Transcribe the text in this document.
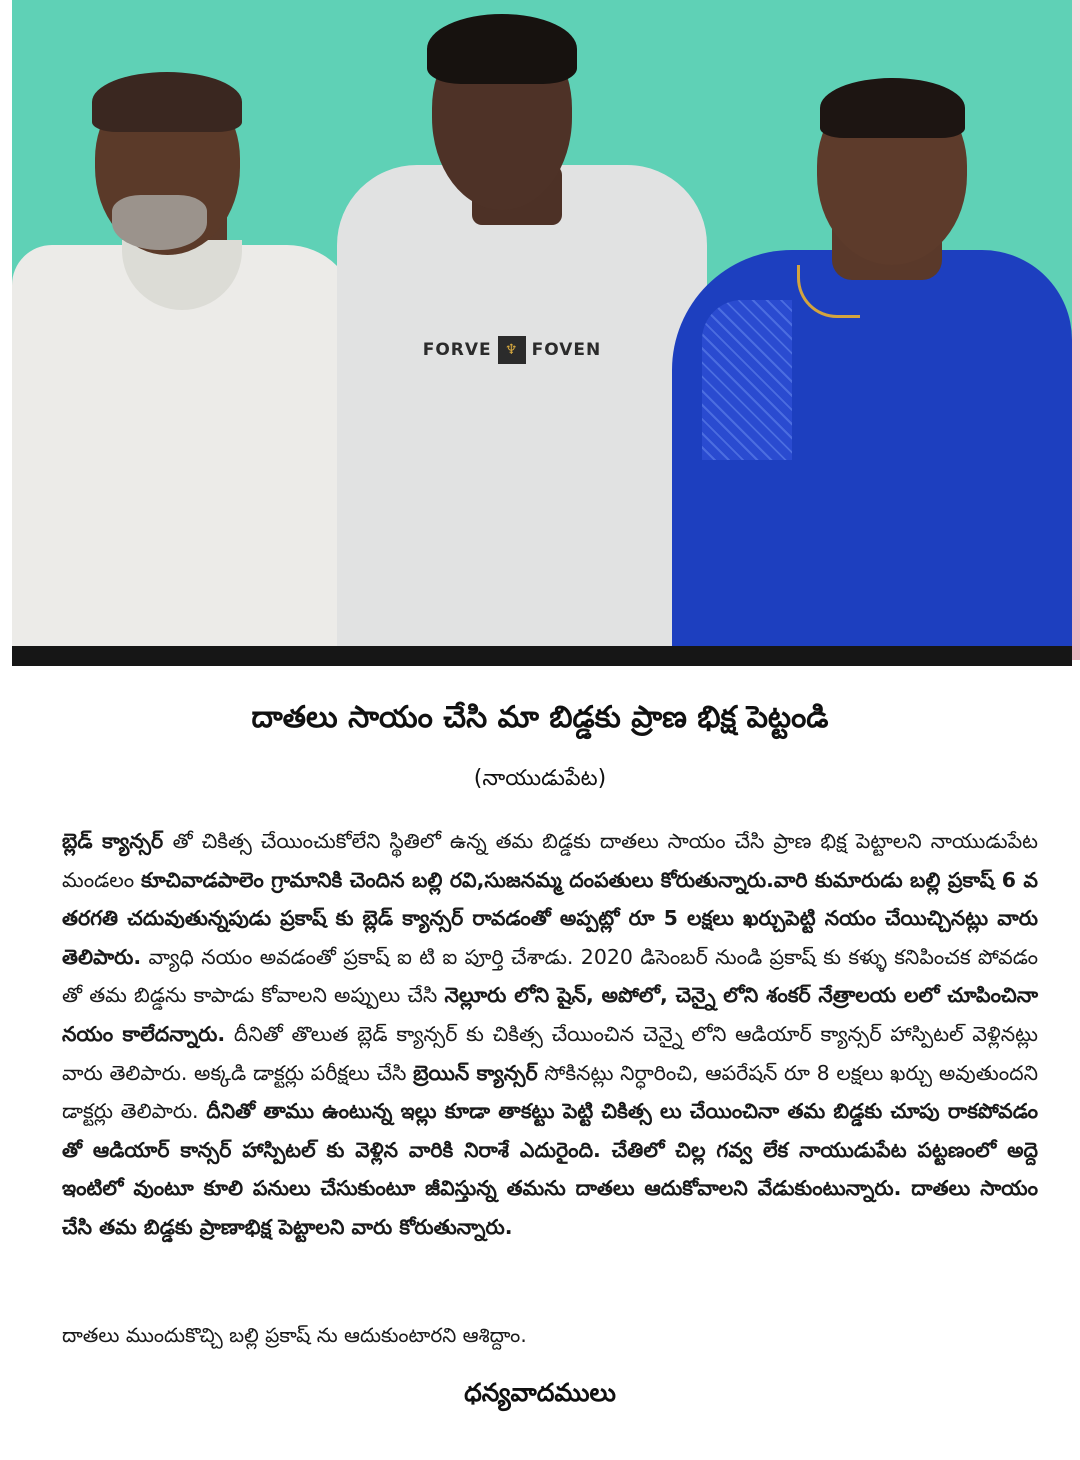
FORVE ♆ FOVEN
దాతలు సాయం చేసి మా బిడ్డకు ప్రాణ భిక్ష పెట్టండి
(నాయుడుపేట)
బ్లెడ్ క్యాన్సర్ తో చికిత్స చేయించుకోలేని స్థితిలో ఉన్న తమ బిడ్డకు దాతలు సాయం చేసి ప్రాణ భిక్ష పెట్టాలని నాయుడుపేట మండలం కూచివాడపాలెం గ్రామానికి చెందిన బల్లి రవి,సుజనమ్మ దంపతులు కోరుతున్నారు.వారి కుమారుడు బల్లి ప్రకాష్ 6 వ తరగతి చదువుతున్నపుడు ప్రకాష్ కు బ్లెడ్ క్యాన్సర్ రావడంతో అప్పట్లో రూ 5 లక్షలు ఖర్చుపెట్టి నయం చేయిచ్చినట్లు వారు తెలిపారు. వ్యాధి నయం అవడంతో ప్రకాష్ ఐ టి ఐ పూర్తి చేశాడు. 2020 డిసెంబర్ నుండి ప్రకాష్ కు కళ్ళు కనిపించక పోవడం తో తమ బిడ్డను కాపాడు కోవాలని అప్పులు చేసి నెల్లూరు లోని షైన్, అపోలో, చెన్నై లోని శంకర్ నేత్రాలయ లలో చూపించినా నయం కాలేదన్నారు. దీనితో తొలుత బ్లెడ్ క్యాన్సర్ కు చికిత్స చేయించిన చెన్నై లోని ఆడియార్ క్యాన్సర్ హాస్పిటల్ వెళ్లినట్లు వారు తెలిపారు. అక్కడి డాక్టర్లు పరీక్షలు చేసి బ్రెయిన్ క్యాన్సర్ సోకినట్లు నిర్ధారించి, ఆపరేషన్ రూ 8 లక్షలు ఖర్చు అవుతుందని డాక్టర్లు తెలిపారు. దీనితో తాము ఉంటున్న ఇల్లు కూడా తాకట్టు పెట్టి చికిత్స లు చేయించినా తమ బిడ్డకు చూపు రాకపోవడం తో ఆడియార్ కాన్సర్ హాస్పిటల్ కు వెళ్లిన వారికి నిరాశే ఎదురైంది. చేతిలో చిల్ల గవ్వ లేక నాయుడుపేట పట్టణంలో అద్దె ఇంటిలో వుంటూ కూలి పనులు చేసుకుంటూ జీవిస్తున్న తమను దాతలు ఆదుకోవాలని వేడుకుంటున్నారు. దాతలు సాయం చేసి తమ బిడ్డకు ప్రాణాభిక్ష పెట్టాలని వారు కోరుతున్నారు.
దాతలు ముందుకొచ్చి బల్లి ప్రకాష్ ను ఆదుకుంటారని ఆశిద్దాం.
ధన్యవాదములు
